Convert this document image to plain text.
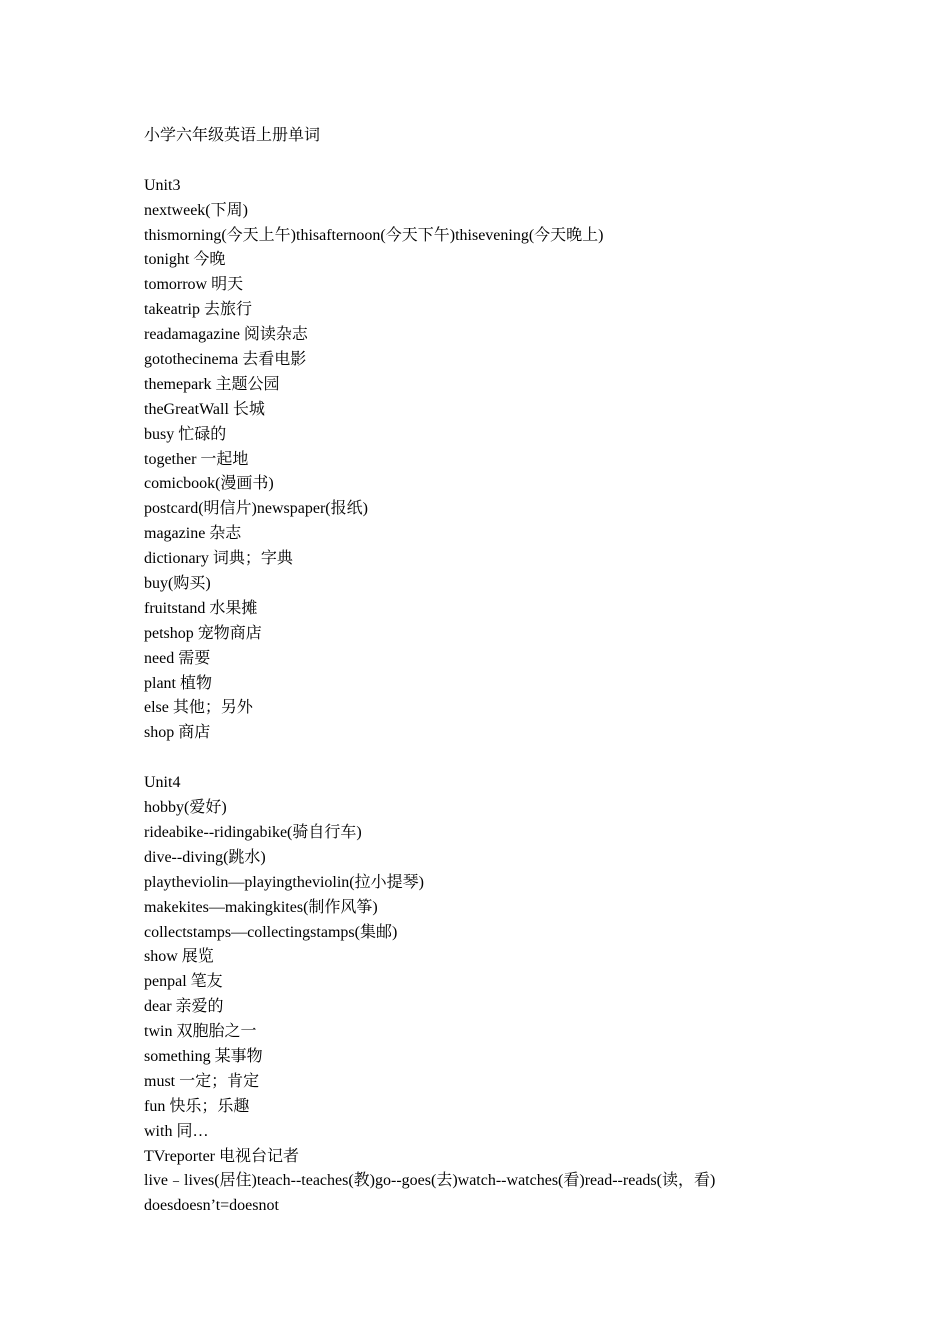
小学六年级英语上册单词
Unit3
nextweek(下周)
thismorning(今天上午)thisafternoon(今天下午)thisevening(今天晚上)
tonight 今晚
tomorrow 明天
takeatrip 去旅行
readamagazine 阅读杂志
gotothecinema 去看电影
themepark 主题公园
theGreatWall 长城
busy 忙碌的
together 一起地
comicbook(漫画书)
postcard(明信片)newspaper(报纸)
magazine 杂志
dictionary 词典；字典
buy(购买)
fruitstand 水果摊
petshop 宠物商店
need 需要
plant 植物
else 其他；另外
shop 商店
Unit4
hobby(爱好)
rideabike--ridingabike(骑自行车)
dive--diving(跳水)
playtheviolin—playingtheviolin(拉小提琴)
makekites—makingkites(制作风筝)
collectstamps—collectingstamps(集邮)
show 展览
penpal 笔友
dear 亲爱的
twin 双胞胎之一
something 某事物
must 一定；肯定
fun 快乐；乐趣
with 同…
TVreporter 电视台记者
live﹣lives(居住)teach--teaches(教)go--goes(去)watch--watches(看)read--reads(读，看)
doesdoesn’t=doesnot
